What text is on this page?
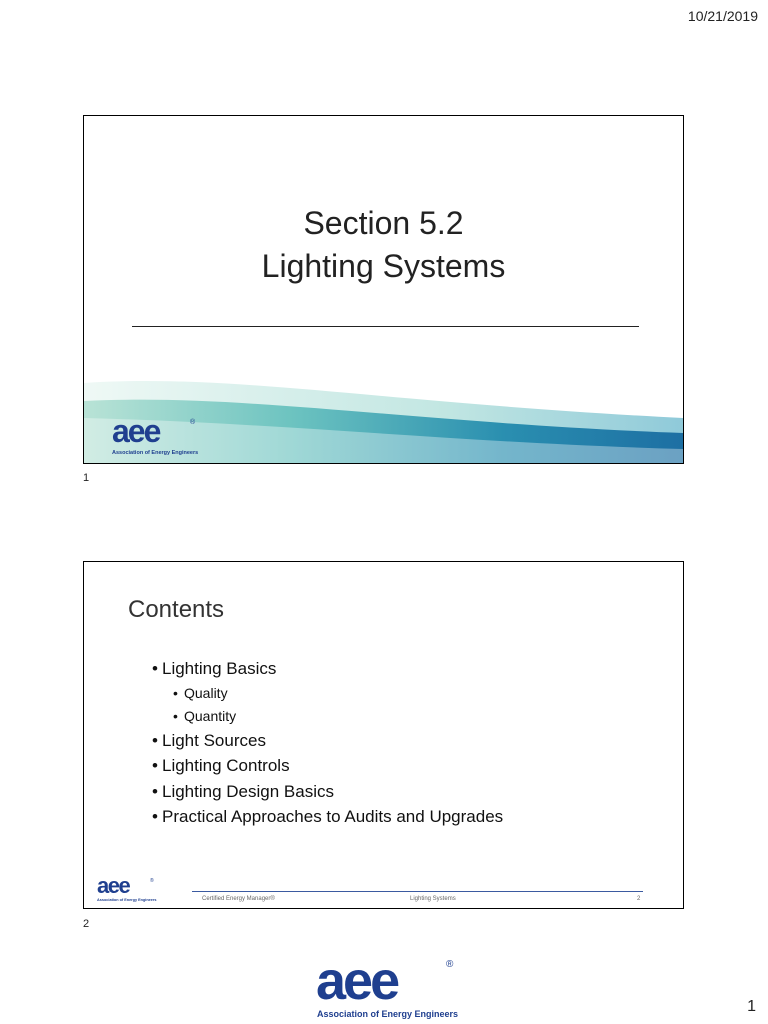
10/21/2019
Section 5.2
Lighting Systems
aee	®
Association of Energy Engineers
1
Contents
• Lighting Basics
• Quality
• Quantity
• Light Sources
• Lighting Controls
• Lighting Design Basics
• Practical Approaches to Audits and Upgrades
aee	®
Association of Energy Engineers	Certified Energy Manager®	Lighting Systems	2
2
aee	®
Association of Energy Engineers	1
